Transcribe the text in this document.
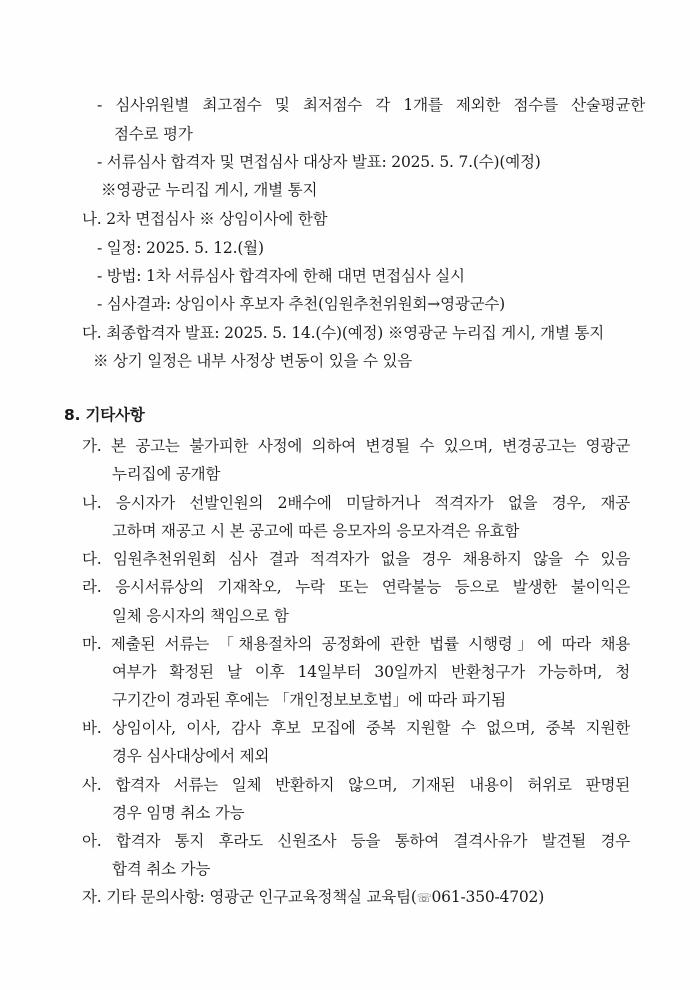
- 심사위원별 최고점수 및 최저점수 각 1개를 제외한 점수를 산술평균한
점수로 평가
- 서류심사 합격자 및 면접심사 대상자 발표: 2025. 5. 7.(수)(예정)
※영광군 누리집 게시, 개별 통지
나. 2차 면접심사 ※ 상임이사에 한함
- 일정: 2025. 5. 12.(월)
- 방법: 1차 서류심사 합격자에 한해 대면 면접심사 실시
- 심사결과: 상임이사 후보자 추천(임원추천위원회→영광군수)
다. 최종합격자 발표: 2025. 5. 14.(수)(예정) ※영광군 누리집 게시, 개별 통지
※ 상기 일정은 내부 사정상 변동이 있을 수 있음
8. 기타사항
가. 본 공고는 불가피한 사정에 의하여 변경될 수 있으며, 변경공고는 영광군
누리집에 공개함
나. 응시자가 선발인원의 2배수에 미달하거나 적격자가 없을 경우, 재공
고하며 재공고 시 본 공고에 따른 응모자의 응모자격은 유효함
다. 임원추천위원회 심사 결과 적격자가 없을 경우 채용하지 않을 수 있음
라. 응시서류상의 기재착오, 누락 또는 연락불능 등으로 발생한 불이익은
일체 응시자의 책임으로 함
마. 제출된 서류는 「채용절차의 공정화에 관한 법률 시행령」에 따라 채용
여부가 확정된 날 이후 14일부터 30일까지 반환청구가 가능하며, 청
구기간이 경과된 후에는 「개인정보보호법」에 따라 파기됨
바. 상임이사, 이사, 감사 후보 모집에 중복 지원할 수 없으며, 중복 지원한
경우 심사대상에서 제외
사. 합격자 서류는 일체 반환하지 않으며, 기재된 내용이 허위로 판명된
경우 임명 취소 가능
아. 합격자 통지 후라도 신원조사 등을 통하여 결격사유가 발견될 경우
합격 취소 가능
자. 기타 문의사항: 영광군 인구교육정책실 교육팀(☏061-350-4702)
